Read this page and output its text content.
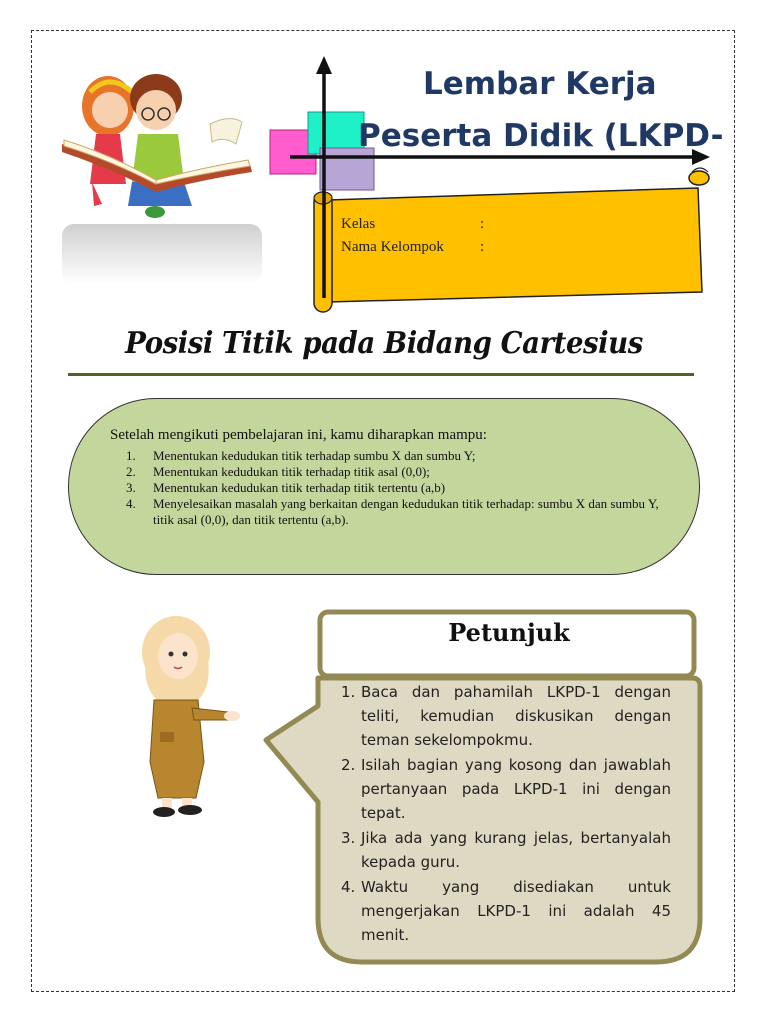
Lembar Kerja
Peserta Didik (LKPD-
Kelas	:
Nama Kelompok :
Posisi Titik pada Bidang Cartesius
Setelah mengikuti pembelajaran ini, kamu diharapkan mampu:
1. Menentukan kedudukan titik terhadap sumbu X dan sumbu Y;
2. Menentukan kedudukan titik terhadap titik asal (0,0);
3. Menentukan kedudukan titik terhadap titik tertentu (a,b)
4. Menyelesaikan masalah yang berkaitan dengan kedudukan titik terhadap: sumbu X dan sumbu Y, titik asal (0,0), dan titik tertentu (a,b).
Petunjuk
1. Baca dan pahamilah LKPD-1 dengan teliti, kemudian diskusikan dengan teman sekelompokmu.
2. Isilah bagian yang kosong dan jawablah pertanyaan pada LKPD-1 ini dengan tepat.
3. Jika ada yang kurang jelas, bertanyalah kepada guru.
4. Waktu yang disediakan untuk mengerjakan LKPD-1 ini adalah 45 menit.
